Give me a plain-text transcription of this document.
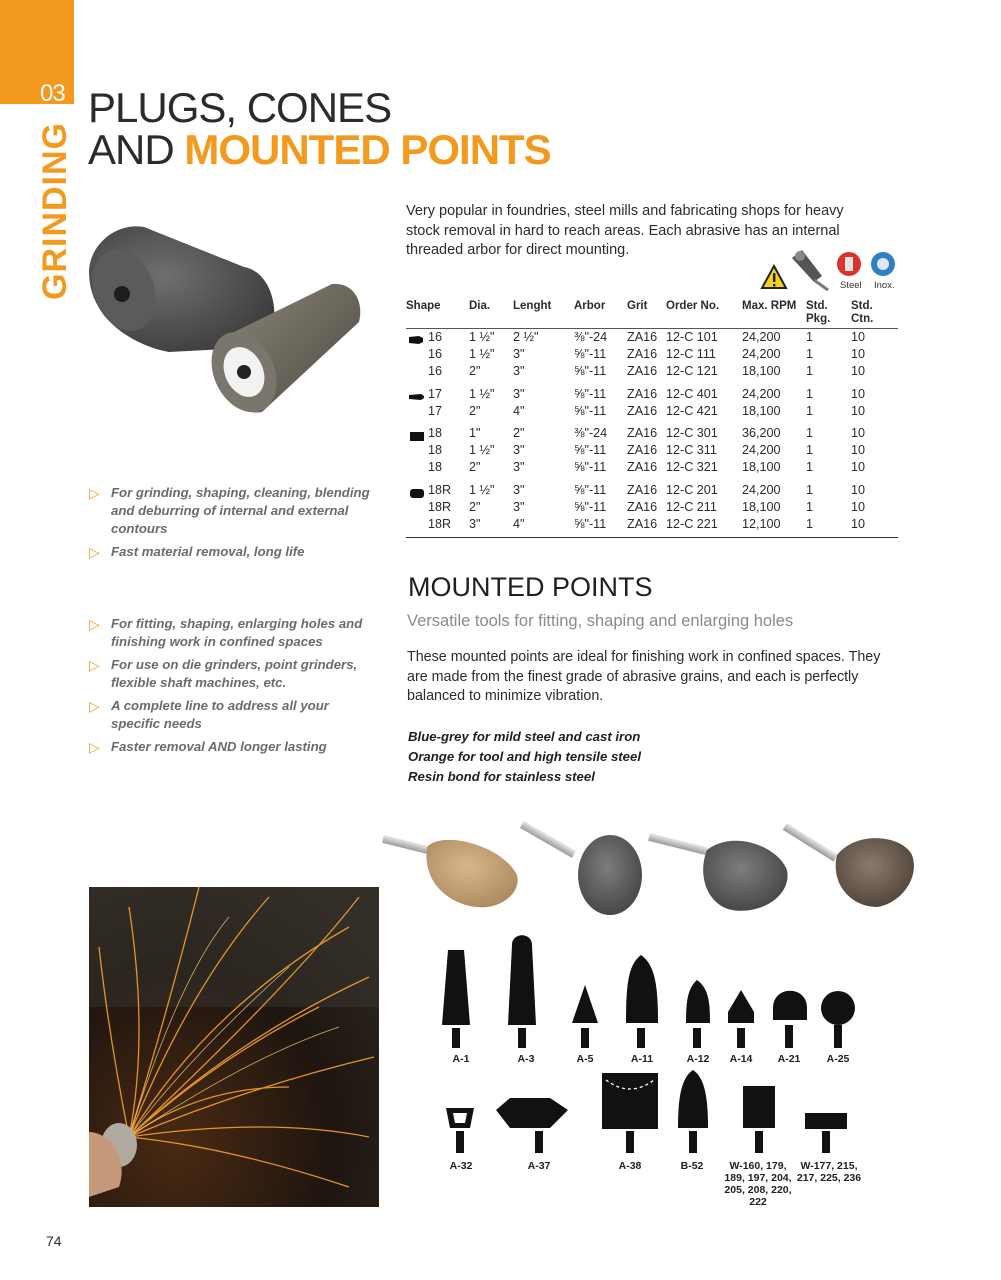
03
GRINDING
PLUGS, CONES
AND MOUNTED POINTS
Very popular in foundries, steel mills and fabricating shops for heavy stock removal in hard to reach areas. Each abrasive has an internal threaded arbor for direct mounting.
Steel Inox.
Shape	Dia.	Lenght	Arbor	Grit	Order No.	Max. RPM	Std. Pkg.	Std. Ctn.

16	1 ½"	2 ½"	⅜"-24	ZA16	12-C 101	24,200	1	10
16	1 ½"	3"	⅝"-11	ZA16	12-C 111	24,200	1	10
16	2"	3"	⅝"-11	ZA16	12-C 121	18,100	1	10

17	1 ½"	3"	⅝"-11	ZA16	12-C 401	24,200	1	10
17	2"	4"	⅝"-11	ZA16	12-C 421	18,100	1	10

18	1"	2"	⅜"-24	ZA16	12-C 301	36,200	1	10
18	1 ½"	3"	⅝"-11	ZA16	12-C 311	24,200	1	10
18	2"	3"	⅝"-11	ZA16	12-C 321	18,100	1	10

18R	1 ½"	3"	⅝"-11	ZA16	12-C 201	24,200	1	10
18R	2"	3"	⅝"-11	ZA16	12-C 211	18,100	1	10
18R	3"	4"	⅝"-11	ZA16	12-C 221	12,100	1	10
▷ For grinding, shaping, cleaning, blending and deburring of internal and external contours
▷ Fast material removal, long life
▷ For fitting, shaping, enlarging holes and finishing work in confined spaces
▷ For use on die grinders, point grinders, flexible shaft machines, etc.
▷ A complete line to address all your specific needs
▷ Faster removal AND longer lasting
MOUNTED POINTS
Versatile tools for fitting, shaping and enlarging holes
These mounted points are ideal for finishing work in confined spaces. They are made from the finest grade of abrasive grains, and each is perfectly balanced to minimize vibration.
Blue-grey for mild steel and cast iron
Orange for tool and high tensile steel
Resin bond for stainless steel
A-1	A-3	A-5	A-11	A-12	A-14	A-21	A-25
A-32	A-37	A-38	B-52	W-160, 179, 189, 197, 204, 205, 208, 220, 222
W-177, 215, 217, 225, 236
74
